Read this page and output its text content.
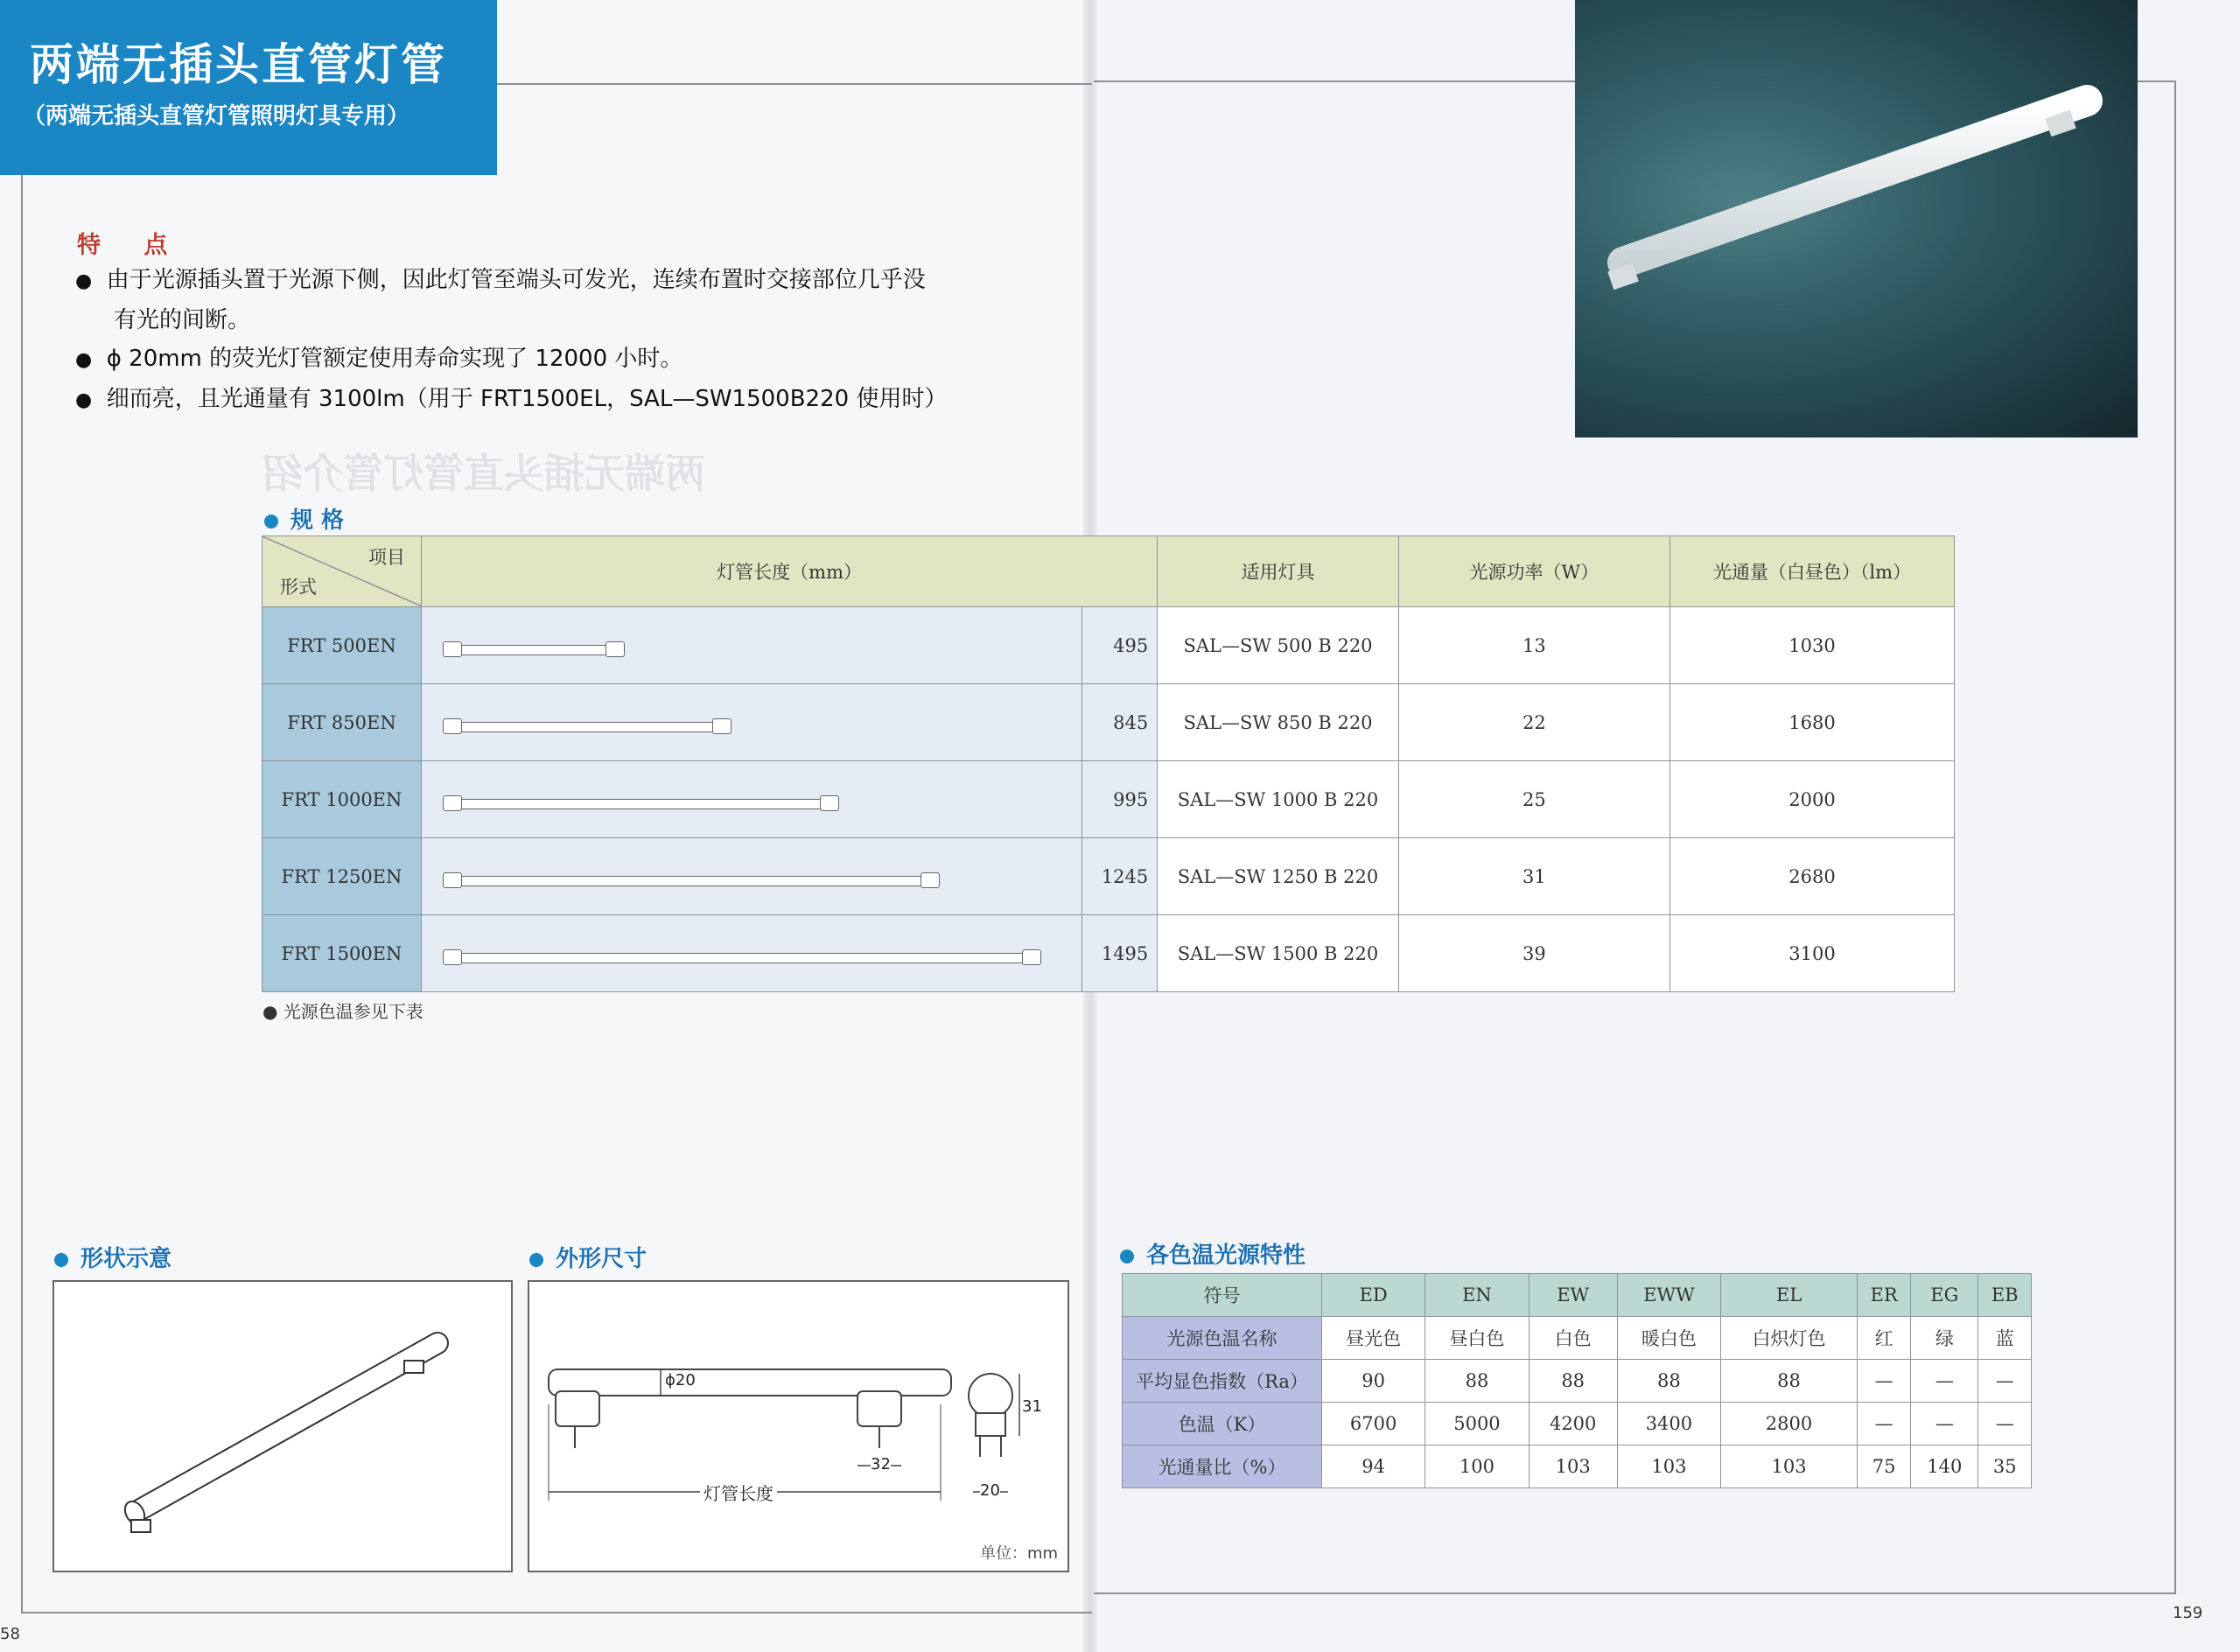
两端无插头直管灯管介绍
两端无插头直管灯管
（两端无插头直管灯管照明灯具专用）
特 点
● 由于光源插头置于光源下侧，因此灯管至端头可发光，连续布置时交接部位几乎没
有光的间断。
● ϕ 20mm 的荧光灯管额定使用寿命实现了 12000 小时。
● 细而亮，且光通量有 3100lm（用于 FRT1500EL，SAL—SW1500B220 使用时）
规 格
项目
形式	灯管长度（mm）		适用灯具	光源功率（W）	光通量（白昼色）（lm）
FRT 500EN		495	SAL—SW 500 B 220	13	1030
FRT 850EN		845	SAL—SW 850 B 220	22	1680
FRT 1000EN		995	SAL—SW 1000 B 220	25	2000
FRT 1250EN		1245	SAL—SW 1250 B 220	31	2680
FRT 1500EN		1495	SAL—SW 1500 B 220	39	3100
● 光源色温参见下表
形状示意	外形尺寸
ϕ20
31
32
20
灯管长度
单位：mm
各色温光源特性
符号	ED	EN	EW	EWW	EL	ER	EG	EB
光源色温名称	昼光色	昼白色	白色	暖白色	白炽灯色	红	绿	蓝
平均显色指数（Ra）	90	88	88	88	88	—	—	—
色温（K）	6700	5000	4200	3400	2800	—	—	—
光通量比（%）	94	100	103	103	103	75	140	35
58
159
